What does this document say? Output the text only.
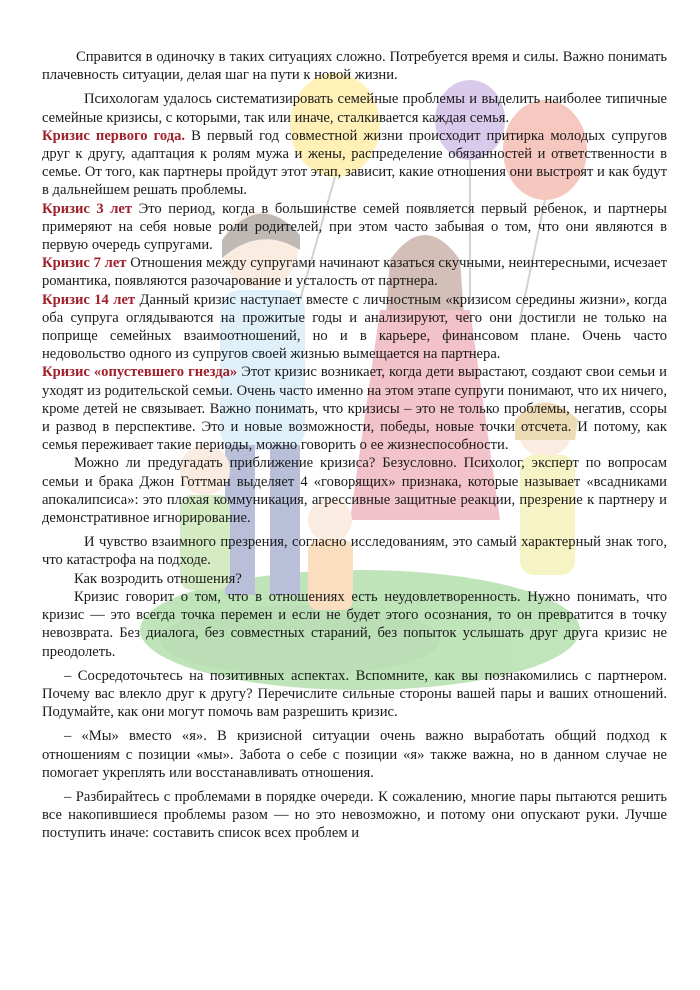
Справится в одиночку в таких ситуациях сложно. Потребуется время и силы. Важно понимать плачевность ситуации, делая шаг на пути к новой жизни.

Психологам удалось систематизировать семейные проблемы и выделить наиболее типичные семейные кризисы, с которыми, так или иначе, сталкивается каждая семья.

Кризис первого года. В первый год совместной жизни происходит притирка молодых супругов друг к другу, адаптация к ролям мужа и жены, распределение обязанностей и ответственности в семье. От того, как партнеры пройдут этот этап, зависит, какие отношения они выстроят и как будут в дальнейшем решать проблемы.

Кризис 3 лет Это период, когда в большинстве семей появляется первый ребенок, и партнеры примеряют на себя новые роли родителей, при этом часто забывая о том, что они являются в первую очередь супругами.

Кризис 7 лет Отношения между супругами начинают казаться скучными, неинтересными, исчезает романтика, появляются разочарование и усталость от партнера.

Кризис 14 лет Данный кризис наступает вместе с личностным «кризисом середины жизни», когда оба супруга оглядываются на прожитые годы и анализируют, чего они достигли не только на поприще семейных взаимоотношений, но и в карьере, финансовом плане. Очень часто недовольство одного из супругов своей жизнью вымещается на партнера.

Кризис «опустевшего гнезда» Этот кризис возникает, когда дети вырастают, создают свои семьи и уходят из родительской семьи. Очень часто именно на этом этапе супруги понимают, что их ничего, кроме детей не связывает. Важно понимать, что кризисы – это не только проблемы, негатив, ссоры и развод в перспективе. Это и новые возможности, победы, новые точки отсчета. И потому, как семья переживает такие периоды, можно говорить о ее жизнеспособности.

Можно ли предугадать приближение кризиса? Безусловно. Психолог, эксперт по вопросам семьи и брака Джон Готтман выделяет 4 «говорящих» признака, которые называет «всадниками апокалипсиса»: это плохая коммуникация, агрессивные защитные реакции, презрение к партнеру и демонстративное игнорирование.

И чувство взаимного презрения, согласно исследованиям, это самый характерный знак того, что катастрофа на подходе.

Как возродить отношения?

Кризис говорит о том, что в отношениях есть неудовлетворенность. Нужно понимать, что кризис — это всегда точка перемен и если не будет этого осознания, то он превратится в точку невозврата. Без диалога, без совместных стараний, без попыток услышать друг друга кризис не преодолеть.

– Сосредоточьтесь на позитивных аспектах. Вспомните, как вы познакомились с партнером. Почему вас влекло друг к другу? Перечислите сильные стороны вашей пары и ваших отношений. Подумайте, как они могут помочь вам разрешить кризис.

– «Мы» вместо «я». В кризисной ситуации очень важно выработать общий подход к отношениям с позиции «мы». Забота о себе с позиции «я» также важна, но в данном случае не помогает укреплять или восстанавливать отношения.

– Разбирайтесь с проблемами в порядке очереди. К сожалению, многие пары пытаются решить все накопившиеся проблемы разом — но это невозможно, и потому они опускают руки. Лучше поступить иначе: составить список всех проблем и
